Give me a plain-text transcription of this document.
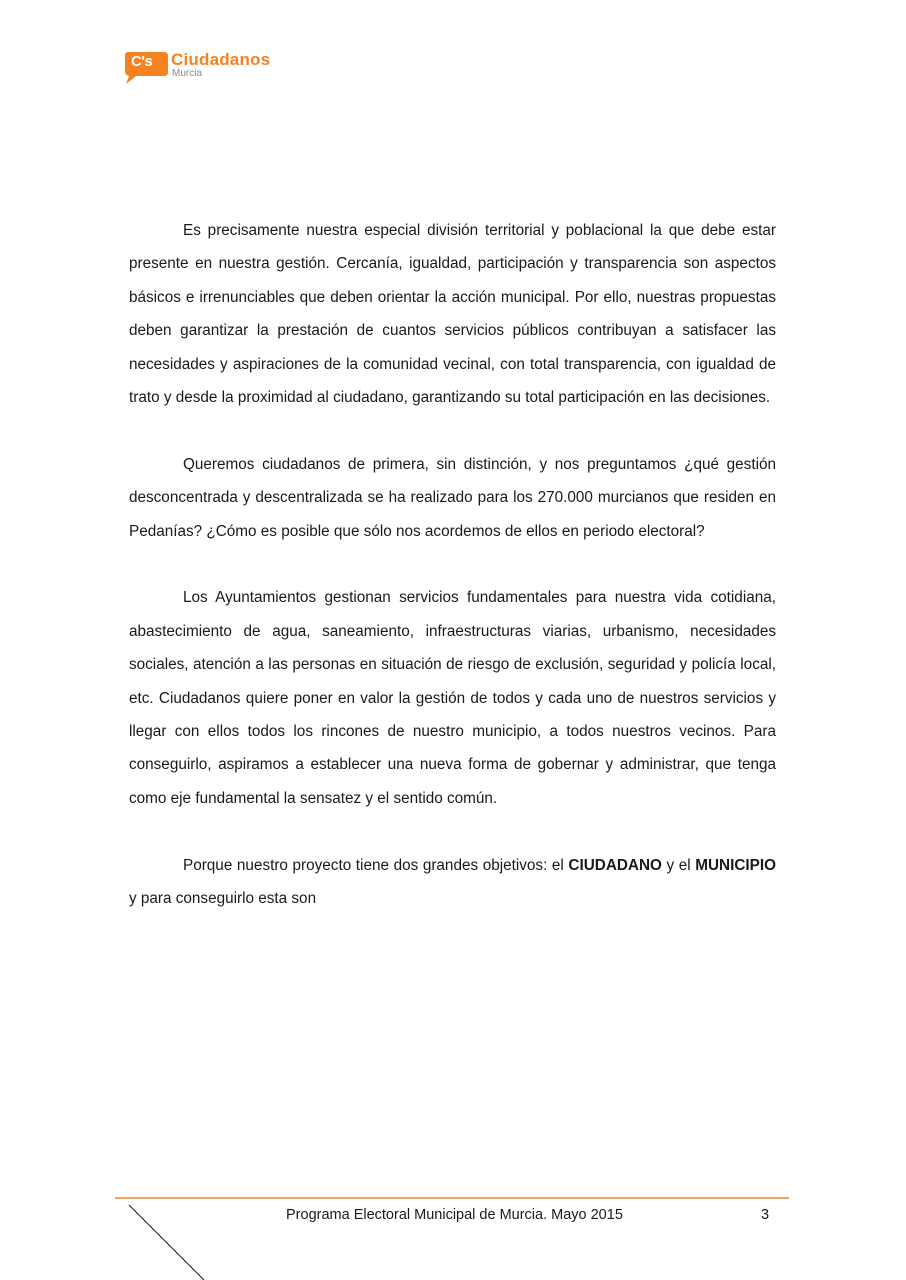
C's Ciudadanos
Murcia

Es precisamente nuestra especial división territorial y poblacional la que debe estar presente en nuestra gestión. Cercanía, igualdad, participación y transparencia son aspectos básicos e irrenunciables que deben orientar la acción municipal. Por ello, nuestras propuestas deben garantizar la prestación de cuantos servicios públicos contribuyan a satisfacer las necesidades y aspiraciones de la comunidad vecinal, con total transparencia, con igualdad de trato y desde la proximidad al ciudadano, garantizando su total participación en las decisiones.

Queremos ciudadanos de primera, sin distinción, y nos preguntamos ¿qué gestión desconcentrada y descentralizada se ha realizado para los 270.000 murcianos que residen en Pedanías? ¿Cómo es posible que sólo nos acordemos de ellos en periodo electoral?

Los Ayuntamientos gestionan servicios fundamentales para nuestra vida cotidiana, abastecimiento de agua, saneamiento, infraestructuras viarias, urbanismo, necesidades sociales, atención a las personas en situación de riesgo de exclusión, seguridad y policía local, etc. Ciudadanos quiere poner en valor la gestión de todos y cada uno de nuestros servicios y llegar con ellos todos los rincones de nuestro municipio, a todos nuestros vecinos. Para conseguirlo, aspiramos a establecer una nueva forma de gobernar y administrar, que tenga como eje fundamental la sensatez y el sentido común.

Porque nuestro proyecto tiene dos grandes objetivos: el CIUDADANO y el MUNICIPIO y para conseguirlo esta son

Programa Electoral Municipal de Murcia. Mayo 2015	3
